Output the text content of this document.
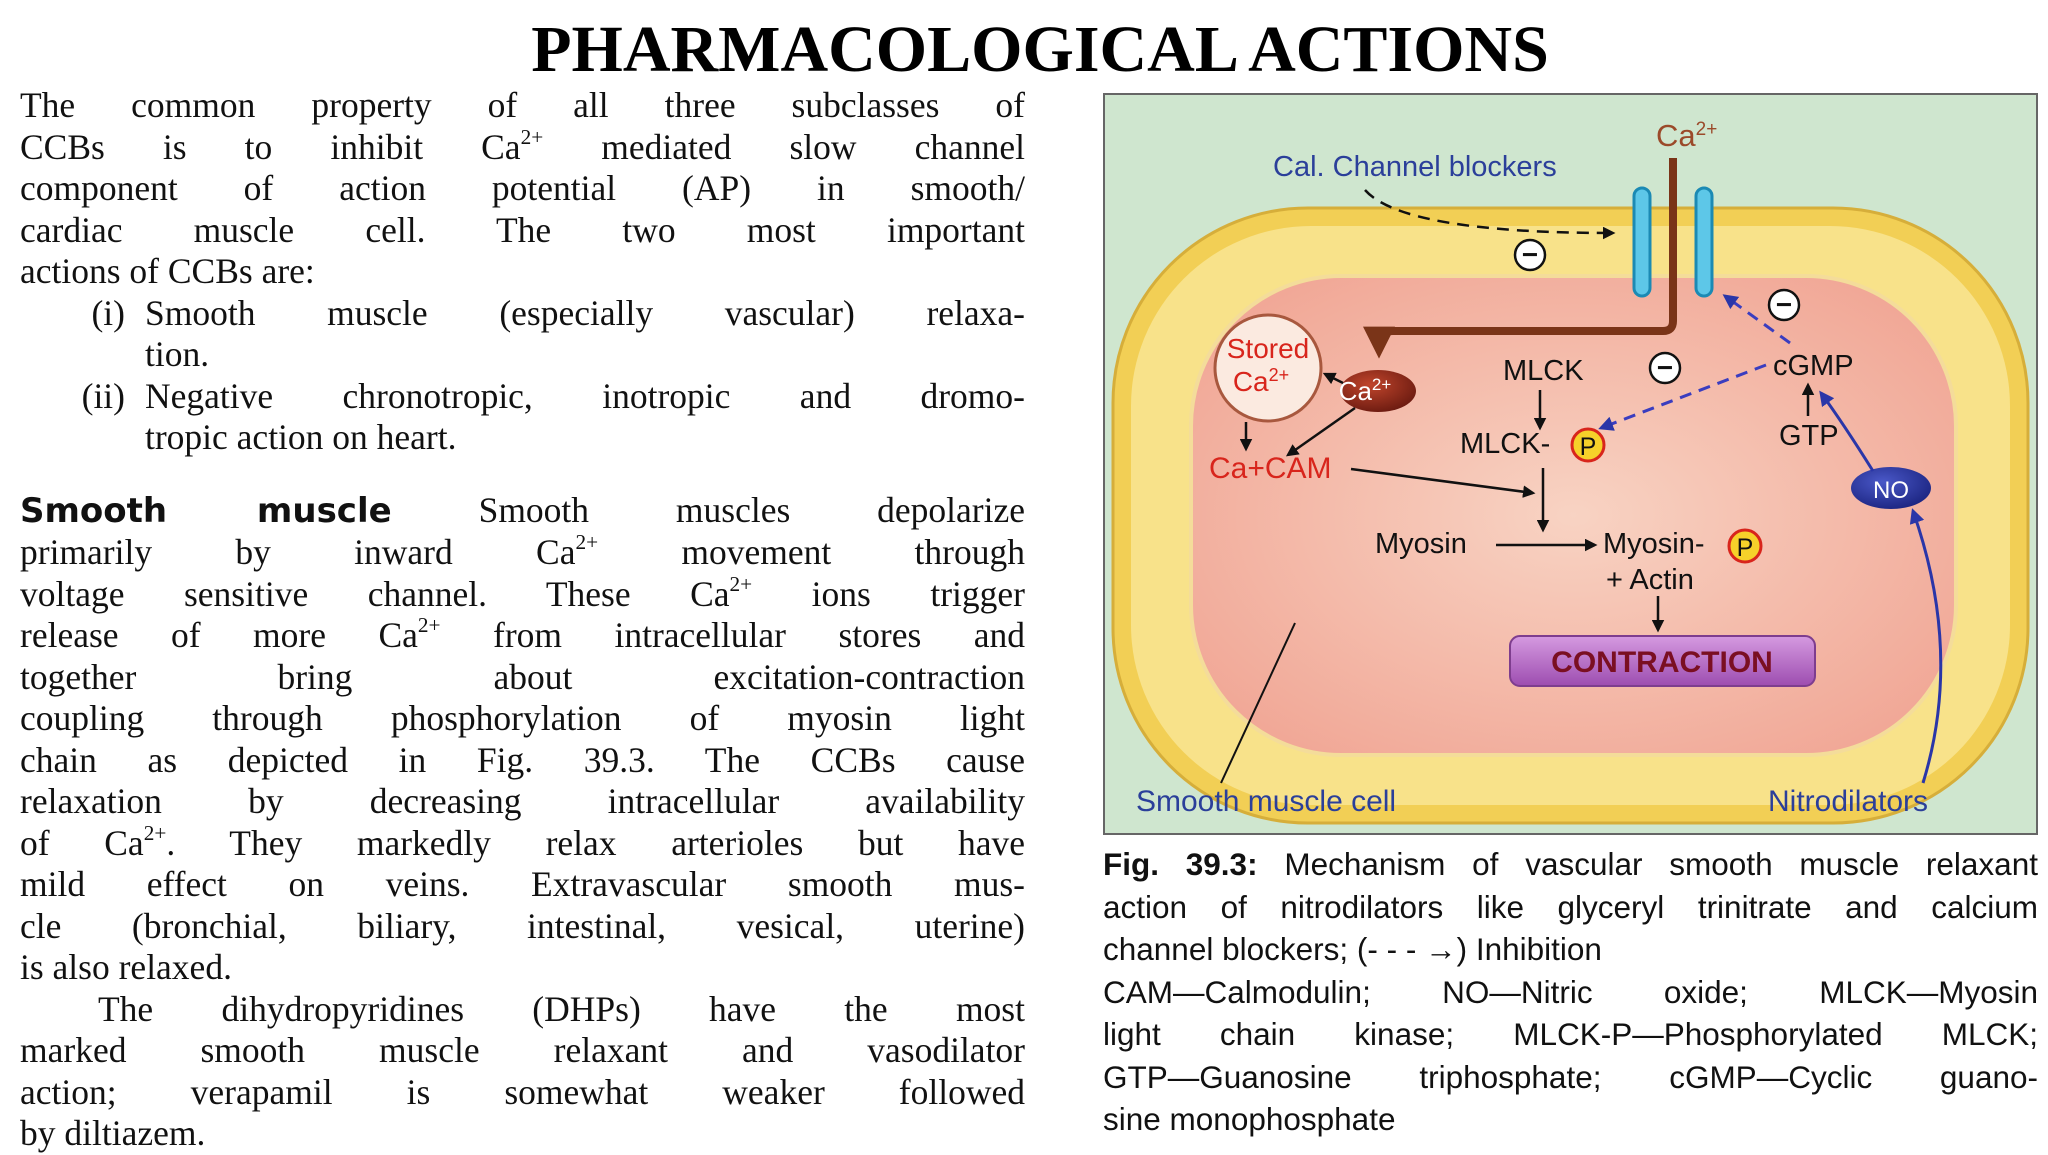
PHARMACOLOGICAL ACTIONS

The common property of all three subclasses of

CCBs is to inhibit $Ca^{2+}$ mediated slow channel

component of action potential (AP) in smooth/

cardiac muscle cell. The two most important

actions of CCBs are:

(i) Smooth muscle (especially vascular) relaxa-
tion.
(ii) Negative chronotropic, inotropic and dromo-
tropic action on heart.

Smooth muscle Smooth muscles depolarize

primarily by inward $Ca^{2+}$ movement through

voltage sensitive channel. These $Ca^{2+}$ ions trigger

release of more $Ca^{2+}$ from intracellular stores and

together bring about excitation-contraction

coupling through phosphorylation of myosin light

chain as depicted in Fig. 39.3. The CCBs cause

relaxation by decreasing intracellular availability

of $Ca^{2+}$. They markedly relax arterioles but have

mild effect on veins. Extravascular smooth mus-

cle (bronchial, biliary, intestinal, vesical, uterine)

is also relaxed.

The dihydropyridines (DHPs) have the most

marked smooth muscle relaxant and vasodilator

action; verapamil is somewhat weaker followed

by diltiazem.

$Ca^{2+}$
Cal. Channel blockers
−
Stored
$Ca^{2+}$
$Ca^{2+}$
Ca+CAM
MLCK	−
MLCK- P
Myosin	Myosin- P
+ Actin
CONTRACTION
cGMP
GTP
−
NO
Smooth muscle cell	Nitrodilators

Fig. 39.3: Mechanism of vascular smooth muscle relaxant

action of nitrodilators like glyceryl trinitrate and calcium

channel blockers; (- - - →) Inhibition

CAM—Calmodulin; NO—Nitric oxide; MLCK—Myosin

light chain kinase; MLCK-P—Phosphorylated MLCK;

GTP—Guanosine triphosphate; cGMP—Cyclic guano-

sine monophosphate
